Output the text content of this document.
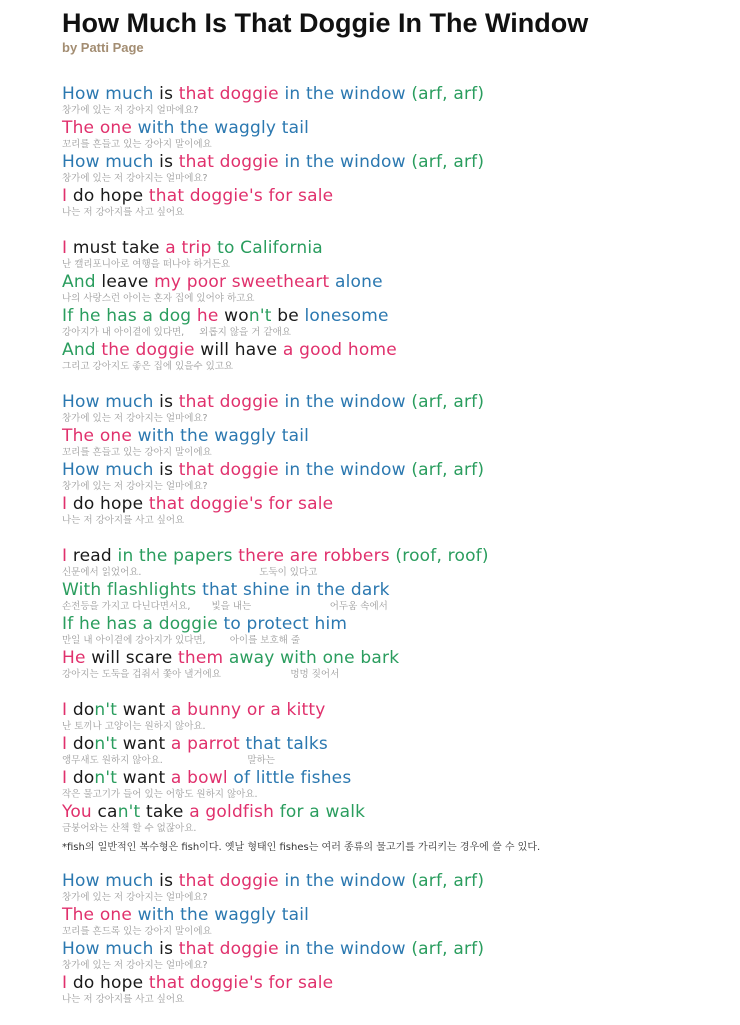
How Much Is That Doggie In The Window
by Patti Page
How much is that doggie in the window (arf, arf)
창가에 있는 저 강아지 얼마에요?
The one with the waggly tail
꼬리를 흔들고 있는 강아지 말이에요
How much is that doggie in the window (arf, arf)
창가에 있는 저 강아지는 얼마에요?
I do hope that doggie's for sale
나는 저 강아지를 사고 싶어요
I must take a trip to California
난 캘리포니아로 여행을 떠나야 하거든요
And leave my poor sweetheart alone
나의 사랑스런 아이는 혼자 집에 있어야 하고요
If he has a dog he won't be lonesome
강아지가 내 아이곁에 있다면,     외롭지 않을 거 같애요
And the doggie will have a good home
그리고 강아지도 좋은 집에 있을수 있고요
How much is that doggie in the window (arf, arf)
창가에 있는 저 강아지는 얼마에요?
The one with the waggly tail
꼬리를 흔들고 있는 강아지 말이에요
How much is that doggie in the window (arf, arf)
창가에 있는 저 강아지는 얼마에요?
I do hope that doggie's for sale
나는 저 강아지를 사고 싶어요
I read in the papers there are robbers (roof, roof)
신문에서 읽었어요.                                       도둑이 있다고
With flashlights that shine in the dark
손전등을 가지고 다닌다면서요,       빛을 내는                          어두움 속에서
If he has a doggie to protect him
만일 내 아이곁에 강아지가 있다면,        아이를 보호해 줄
He will scare them away with one bark
강아지는 도둑을 겁줘서 쫓아 낼거에요                       멍멍 짖어서
I don't want a bunny or a kitty
난 토끼나 고양이는 원하지 않아요.
I don't want a parrot that talks
앵무새도 원하지 않아요.                            말하는
I don't want a bowl of little fishes
작은 물고기가 들어 있는 어항도 원하지 않아요.
You can't take a goldfish for a walk
금붕어와는 산책 할 수 없잖아요.
*fish의 일반적인 복수형은 fish이다. 옛날 형태인 fishes는 여러 종류의 물고기를 가리키는 경우에 쓸 수 있다.
How much is that doggie in the window (arf, arf)
창가에 있는 저 강아지는 얼마에요?
The one with the waggly tail
꼬리를 흔드록 있는 강아지 말이에요
How much is that doggie in the window (arf, arf)
창가에 있는 저 강아지는 얼마에요?
I do hope that doggie's for sale
나는 저 강아지를 사고 싶어요
